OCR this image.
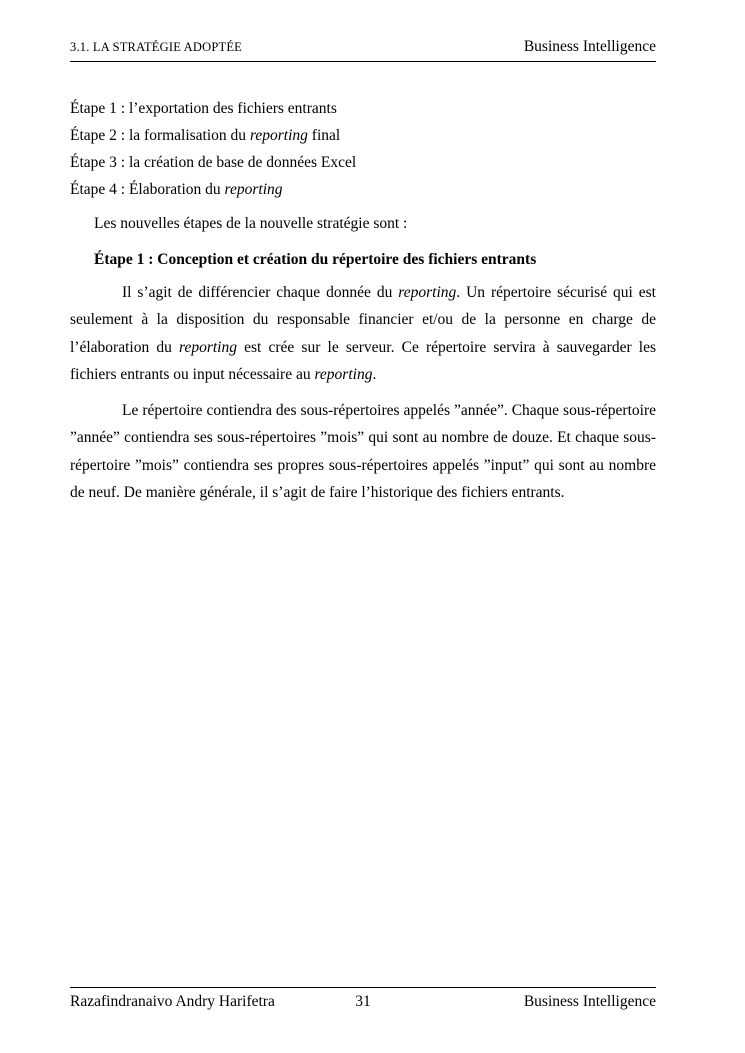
3.1. LA STRATÉGIE ADOPTÉE	Business Intelligence

Étape 1 : l’exportation des fichiers entrants

Étape 2 : la formalisation du reporting final

Étape 3 : la création de base de données Excel

Étape 4 : Élaboration du reporting

Les nouvelles étapes de la nouvelle stratégie sont :

Étape 1 : Conception et création du répertoire des fichiers entrants

Il s’agit de différencier chaque donnée du reporting. Un répertoire sécurisé qui est seulement à la disposition du responsable financier et/ou de la personne en charge de l’élaboration du reporting est crée sur le serveur. Ce répertoire servira à sauvegarder les fichiers entrants ou input nécessaire au reporting.

Le répertoire contiendra des sous-répertoires appelés ”année”. Chaque sous-répertoire ”année” contiendra ses sous-répertoires ”mois” qui sont au nombre de douze. Et chaque sous-répertoire ”mois” contiendra ses propres sous-répertoires appelés ”input” qui sont au nombre de neuf. De manière générale, il s’agit de faire l’historique des fichiers entrants.

31
Razafindranaivo Andry Harifetra	Business Intelligence
